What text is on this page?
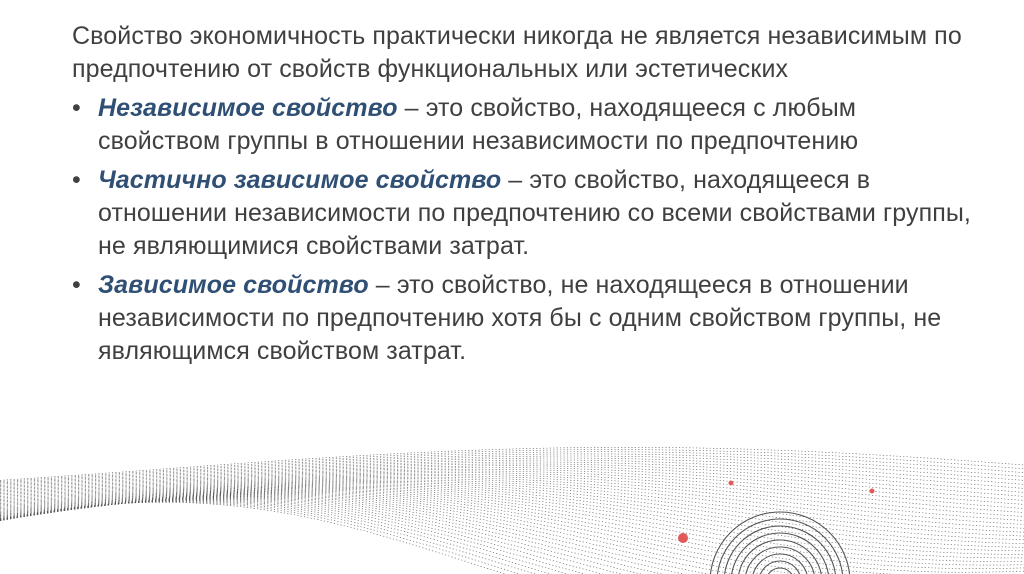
Свойство экономичность практически никогда не является независимым по предпочтению от свойств функциональных или эстетических

• Независимое свойство – это свойство, находящееся с любым свойством группы в отношении независимости по предпочтению
• Частично зависимое свойство – это свойство, находящееся в отношении независимости по предпочтению со всеми свойствами группы, не являющимися свойствами затрат.
• Зависимое свойство – это свойство, не находящееся в отношении независимости по предпочтению хотя бы с одним свойством группы, не являющимся свойством затрат.
